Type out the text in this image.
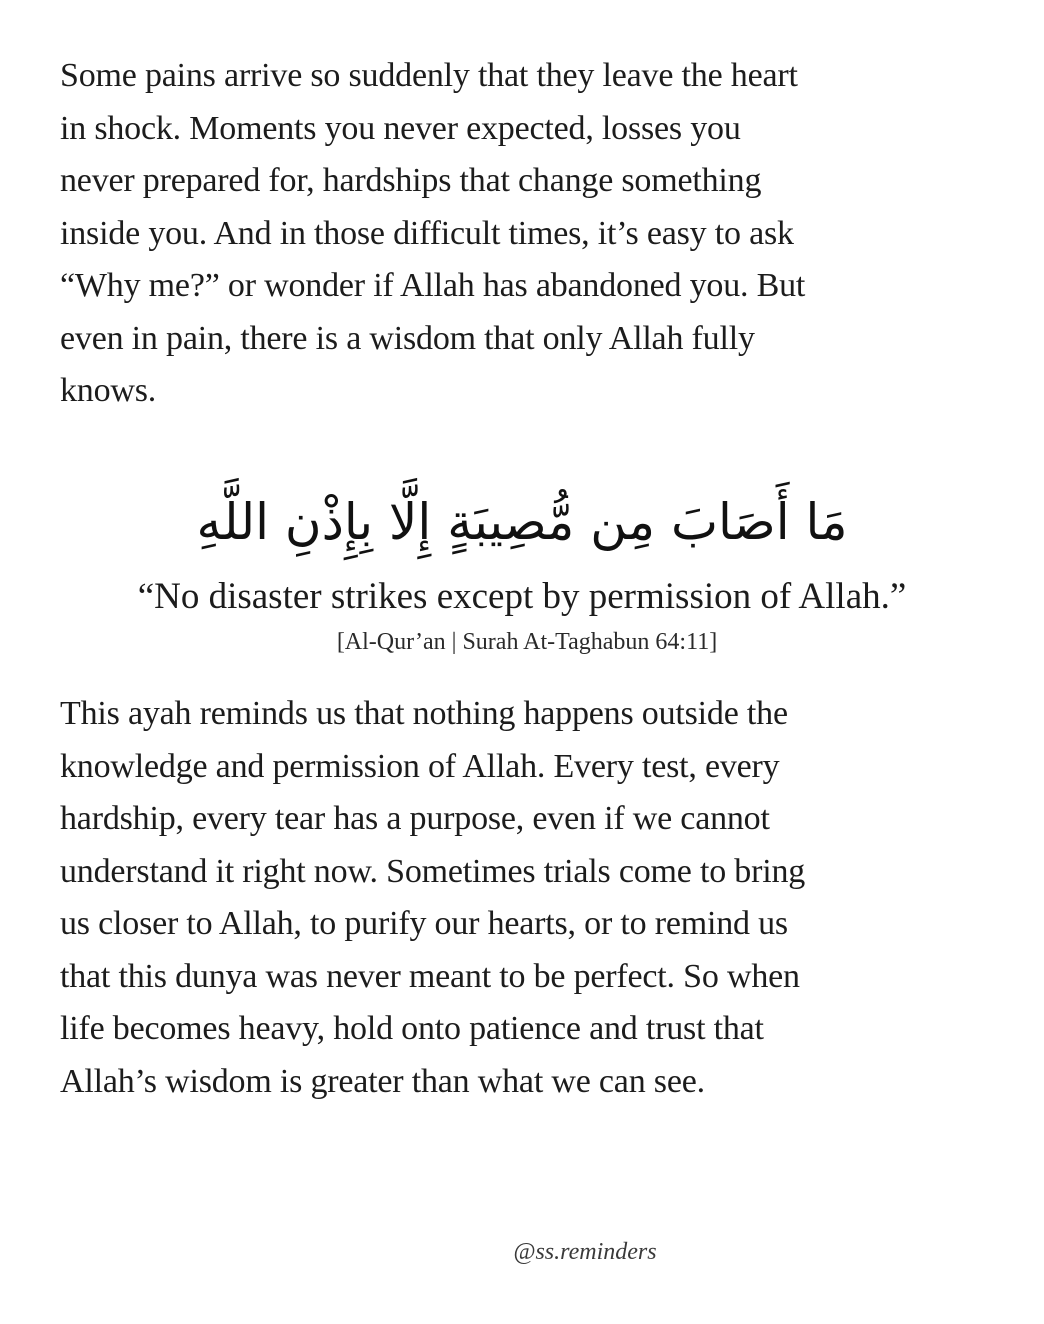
Some pains arrive so suddenly that they leave the heart in shock. Moments you never expected, losses you never prepared for, hardships that change something inside you. And in those difficult times, it’s easy to ask “Why me?” or wonder if Allah has abandoned you. But even in pain, there is a wisdom that only Allah fully knows.

مَا أَصَابَ مِن مُّصِيبَةٍ إِلَّا بِإِذْنِ اللَّهِ
“No disaster strikes except by permission of Allah.”
[Al-Qur’an | Surah At-Taghabun 64:11]

This ayah reminds us that nothing happens outside the knowledge and permission of Allah. Every test, every hardship, every tear has a purpose, even if we cannot understand it right now. Sometimes trials come to bring us closer to Allah, to purify our hearts, or to remind us that this dunya was never meant to be perfect. So when life becomes heavy, hold onto patience and trust that Allah’s wisdom is greater than what we can see.

@ss.reminders
